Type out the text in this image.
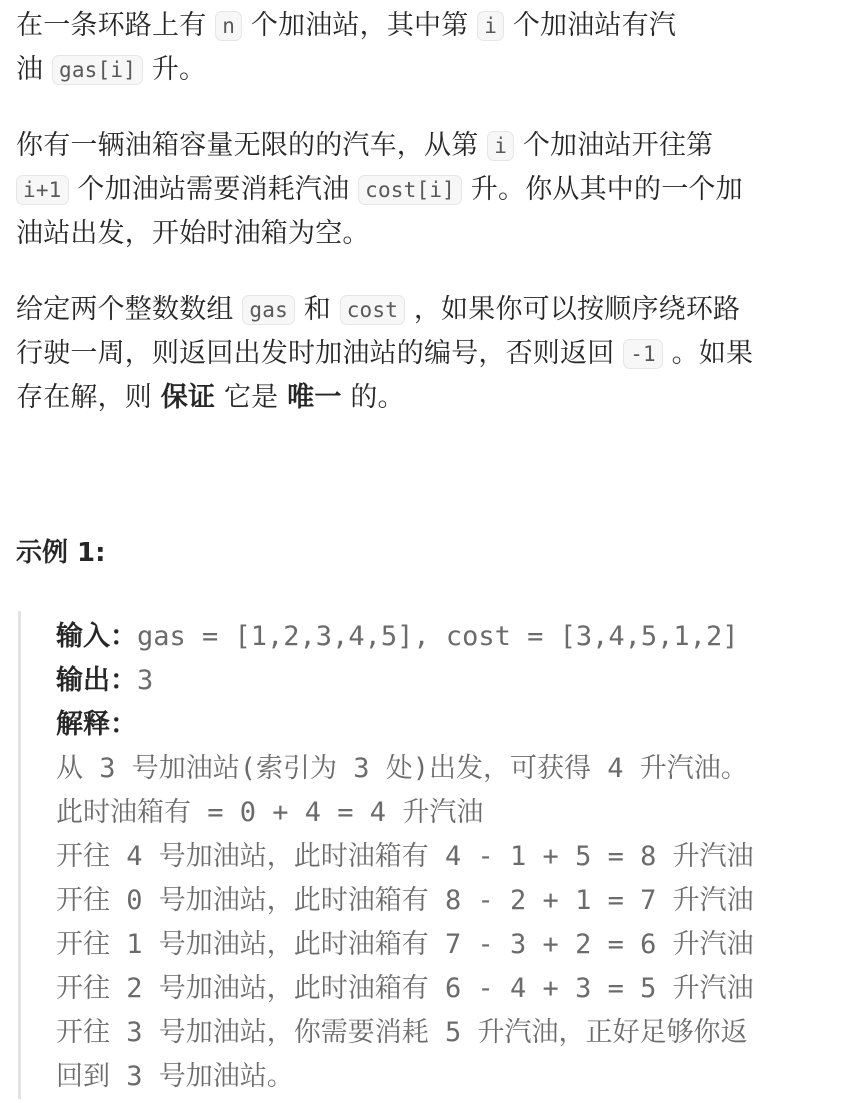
在一条环路上有 n 个加油站，其中第 i 个加油站有汽
油 gas[i] 升。

你有一辆油箱容量无限的的汽车，从第 i 个加油站开往第
i+1 个加油站需要消耗汽油 cost[i] 升。你从其中的一个加
油站出发，开始时油箱为空。

给定两个整数数组 gas 和 cost ，如果你可以按顺序绕环路
行驶一周，则返回出发时加油站的编号，否则返回 -1 。如果
存在解，则 保证 它是 唯一 的。

示例 1:
输入：gas = [1,2,3,4,5], cost = [3,4,5,1,2]
输出：3
解释：
从 3 号加油站(索引为 3 处)出发，可获得 4 升汽油。
此时油箱有 = 0 + 4 = 4 升汽油
开往 4 号加油站，此时油箱有 4 - 1 + 5 = 8 升汽油
开往 0 号加油站，此时油箱有 8 - 2 + 1 = 7 升汽油
开往 1 号加油站，此时油箱有 7 - 3 + 2 = 6 升汽油
开往 2 号加油站，此时油箱有 6 - 4 + 3 = 5 升汽油
开往 3 号加油站，你需要消耗 5 升汽油，正好足够你返
回到 3 号加油站。
